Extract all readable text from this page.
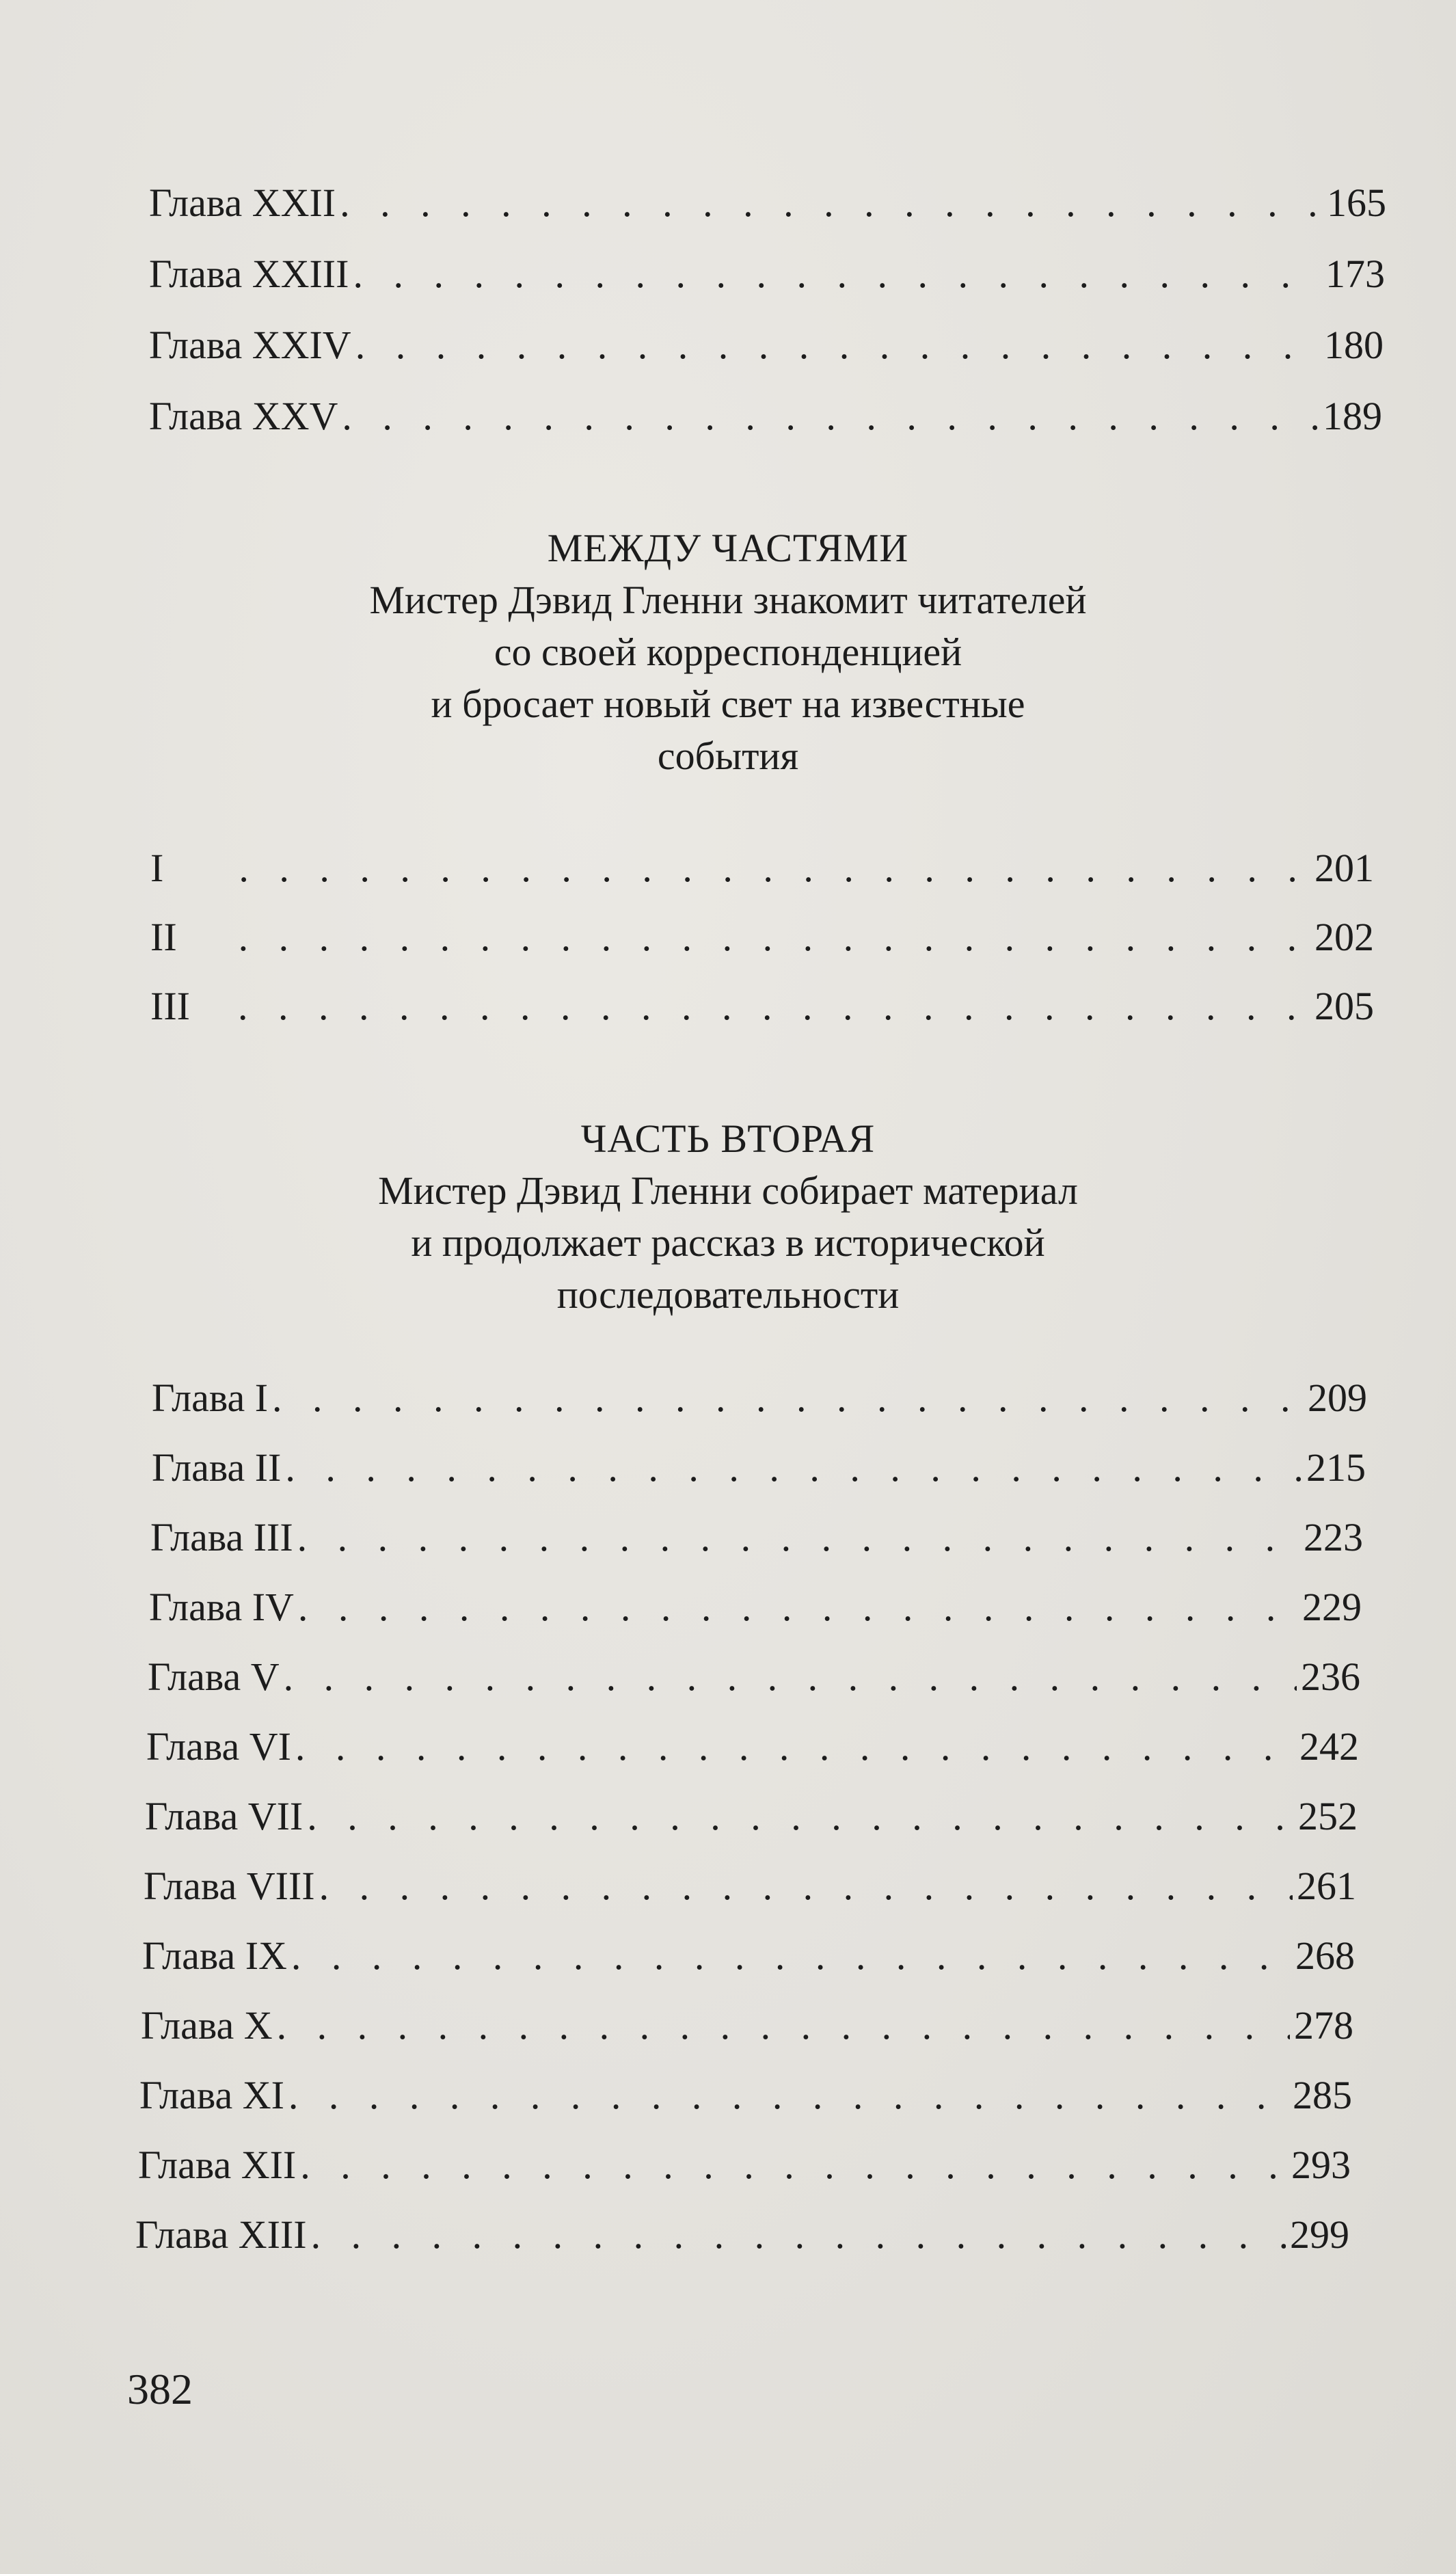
Глава XXII . . .	165
Глава XXIII . . .	173
Глава XXIV . . .	180
Глава XXV . . .	189
МЕЖДУ ЧАСТЯМИ
Мистер Дэвид Гленни знакомит читателей
со своей корреспонденцией
и бросает новый свет на известные
события
I . . .	201
II . . .	202
III . . .	205
ЧАСТЬ ВТОРАЯ
Мистер Дэвид Гленни собирает материал
и продолжает рассказ в исторической
последовательности
Глава I . . .	209
Глава II . . .	215
Глава III . . .	223
Глава IV . . .	229
Глава V . . .	236
Глава VI . . .	242
Глава VII . . .	252
Глава VIII . . .	261
Глава IX . . .	268
Глава X . . .	278
Глава XI . . .	285
Глава XII . . .	293
Глава XIII . . .	299
382
